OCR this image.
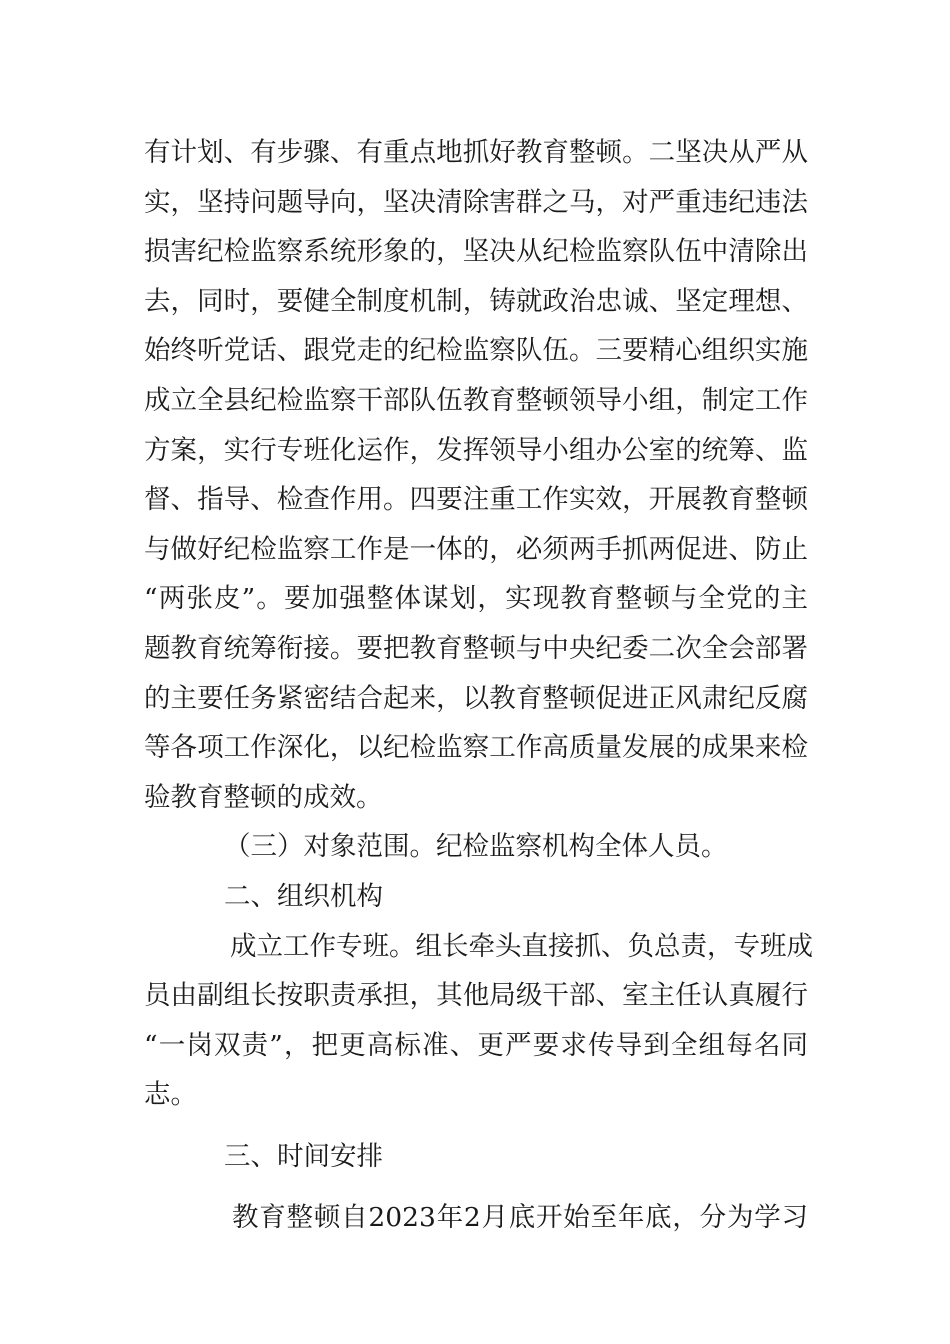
有计划、有步骤、有重点地抓好教育整顿。二坚决从严从
实，坚持问题导向，坚决清除害群之马，对严重违纪违法
损害纪检监察系统形象的，坚决从纪检监察队伍中清除出
去，同时，要健全制度机制，铸就政治忠诚、坚定理想、
始终听党话、跟党走的纪检监察队伍。三要精心组织实施
成立全县纪检监察干部队伍教育整顿领导小组，制定工作
方案，实行专班化运作，发挥领导小组办公室的统筹、监
督、指导、检查作用。四要注重工作实效，开展教育整顿
与做好纪检监察工作是一体的，必须两手抓两促进、防止
“两张皮”。要加强整体谋划，实现教育整顿与全党的主
题教育统筹衔接。要把教育整顿与中央纪委二次全会部署
的主要任务紧密结合起来，以教育整顿促进正风肃纪反腐
等各项工作深化，以纪检监察工作高质量发展的成果来检
验教育整顿的成效。

（三）对象范围。纪检监察机构全体人员。

二、组织机构

成立工作专班。组长牵头直接抓、负总责，专班成
员由副组长按职责承担，其他局级干部、室主任认真履行
“一岗双责”，把更高标准、更严要求传导到全组每名同
志。

三、时间安排

教育整顿自2023年2月底开始至年底，分为学习
